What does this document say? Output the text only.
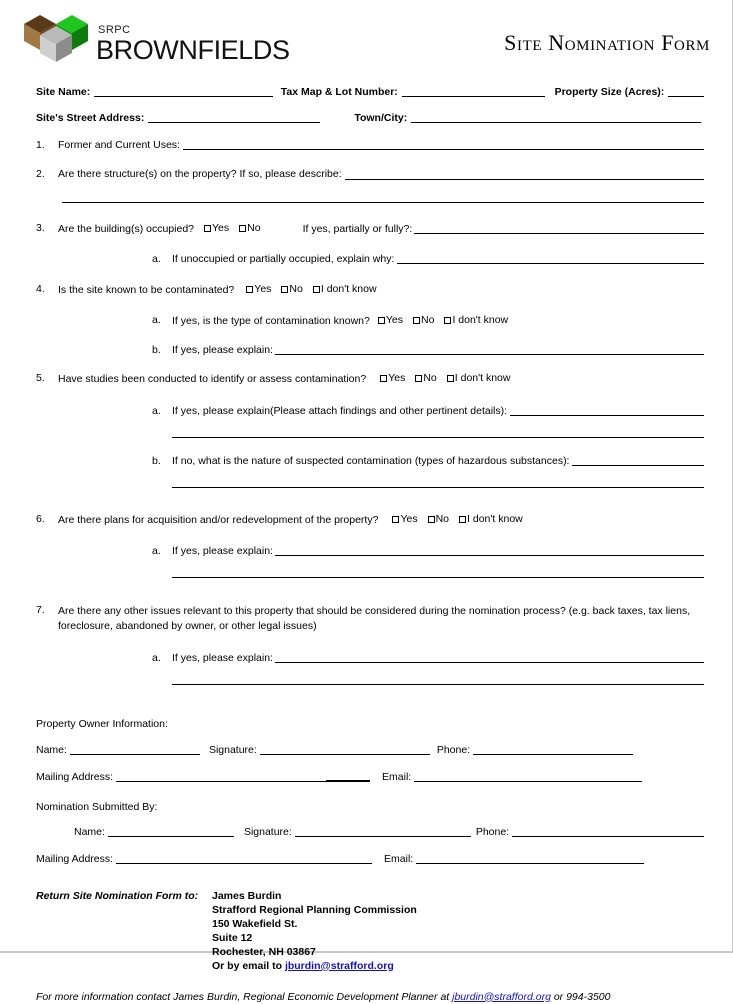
SRPC
BROWNFIELDS	Site Nomination Form
Site Name:	Tax Map & Lot Number:	Property Size (Acres):
Site's Street Address:	Town/City:
1.	Former and Current Uses:
2.	Are there structure(s) on the property? If so, please describe:
3.	Are the building(s) occupied? Yes No	If yes, partially or fully?:
a.	If unoccupied or partially occupied, explain why:
4.	Is the site known to be contaminated? Yes No I don't know
a.	If yes, is the type of contamination known? Yes No I don't know
b.	If yes, please explain:
5.	Have studies been conducted to identify or assess contamination? Yes No I don't know
a.	If yes, please explain(Please attach findings and other pertinent details):
b.	If no, what is the nature of suspected contamination (types of hazardous substances):
6.	Are there plans for acquisition and/or redevelopment of the property? Yes No I don't know
a.	If yes, please explain:
7.	Are there any other issues relevant to this property that should be considered during the nomination process? (e.g. back taxes, tax liens, foreclosure, abandoned by owner, or other legal issues)
a.	If yes, please explain:
Property Owner Information:
Name:	Signature:	Phone:
Mailing Address:	Email:
Nomination Submitted By:
Name:	Signature:	Phone:
Mailing Address:	Email:
Return Site Nomination Form to:	James Burdin
Strafford Regional Planning Commission
150 Wakefield St.
Suite 12
Rochester, NH 03867
Or by email to jburdin@strafford.org
For more information contact James Burdin, Regional Economic Development Planner at jburdin@strafford.org or 994-3500
